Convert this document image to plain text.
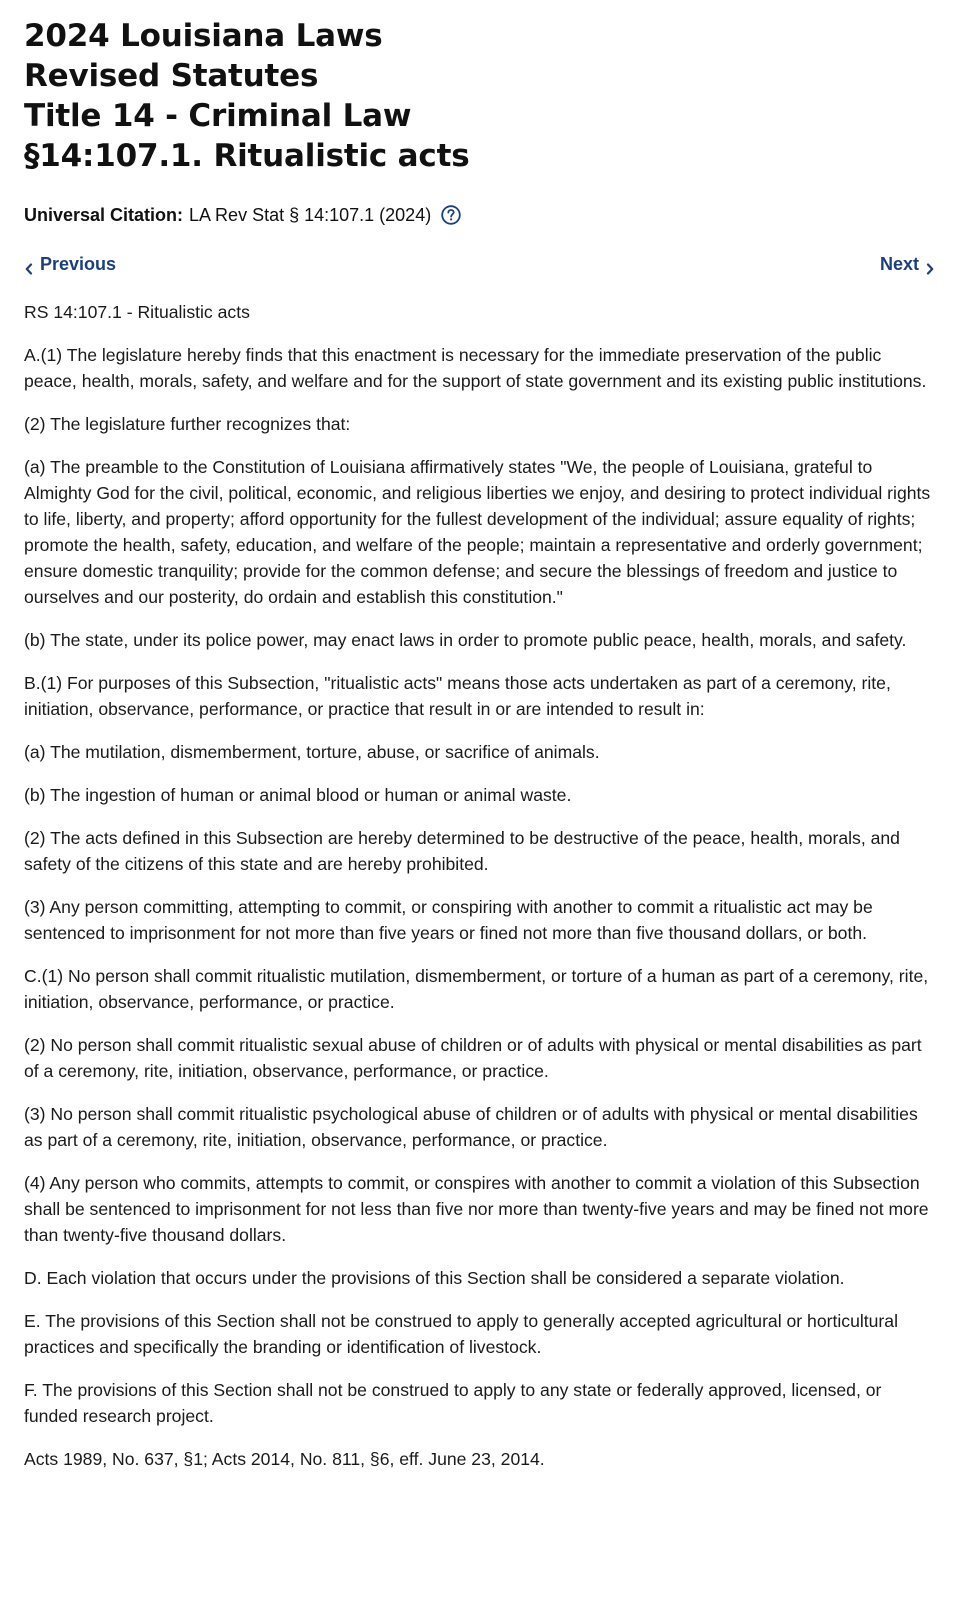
2024 Louisiana Laws
Revised Statutes
Title 14 - Criminal Law
§14:107.1. Ritualistic acts
Universal Citation: LA Rev Stat § 14:107.1 (2024)
Previous	Next

RS 14:107.1 - Ritualistic acts

A.(1) The legislature hereby finds that this enactment is necessary for the immediate preservation of the public peace, health, morals, safety, and welfare and for the support of state government and its existing public institutions.

(2) The legislature further recognizes that:

(a) The preamble to the Constitution of Louisiana affirmatively states "We, the people of Louisiana, grateful to Almighty God for the civil, political, economic, and religious liberties we enjoy, and desiring to protect individual rights to life, liberty, and property; afford opportunity for the fullest development of the individual; assure equality of rights; promote the health, safety, education, and welfare of the people; maintain a representative and orderly government; ensure domestic tranquility; provide for the common defense; and secure the blessings of freedom and justice to ourselves and our posterity, do ordain and establish this constitution."

(b) The state, under its police power, may enact laws in order to promote public peace, health, morals, and safety.

B.(1) For purposes of this Subsection, "ritualistic acts" means those acts undertaken as part of a ceremony, rite, initiation, observance, performance, or practice that result in or are intended to result in:

(a) The mutilation, dismemberment, torture, abuse, or sacrifice of animals.

(b) The ingestion of human or animal blood or human or animal waste.

(2) The acts defined in this Subsection are hereby determined to be destructive of the peace, health, morals, and safety of the citizens of this state and are hereby prohibited.

(3) Any person committing, attempting to commit, or conspiring with another to commit a ritualistic act may be sentenced to imprisonment for not more than five years or fined not more than five thousand dollars, or both.

C.(1) No person shall commit ritualistic mutilation, dismemberment, or torture of a human as part of a ceremony, rite, initiation, observance, performance, or practice.

(2) No person shall commit ritualistic sexual abuse of children or of adults with physical or mental disabilities as part of a ceremony, rite, initiation, observance, performance, or practice.

(3) No person shall commit ritualistic psychological abuse of children or of adults with physical or mental disabilities as part of a ceremony, rite, initiation, observance, performance, or practice.

(4) Any person who commits, attempts to commit, or conspires with another to commit a violation of this Subsection shall be sentenced to imprisonment for not less than five nor more than twenty-five years and may be fined not more than twenty-five thousand dollars.

D. Each violation that occurs under the provisions of this Section shall be considered a separate violation.

E. The provisions of this Section shall not be construed to apply to generally accepted agricultural or horticultural practices and specifically the branding or identification of livestock.

F. The provisions of this Section shall not be construed to apply to any state or federally approved, licensed, or funded research project.

Acts 1989, No. 637, §1; Acts 2014, No. 811, §6, eff. June 23, 2014.
